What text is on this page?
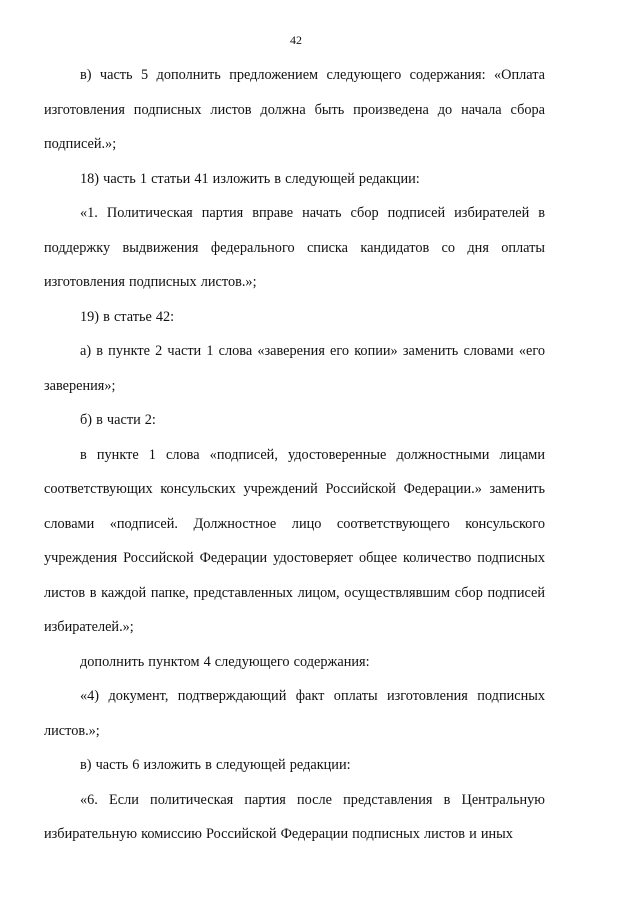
42

в) часть 5 дополнить предложением следующего содержания: «Оплата изготовления подписных листов должна быть произведена до начала сбора подписей.»;

18) часть 1 статьи 41 изложить в следующей редакции:

«1. Политическая партия вправе начать сбор подписей избирателей в поддержку выдвижения федерального списка кандидатов со дня оплаты изготовления подписных листов.»;

19) в статье 42:

а) в пункте 2 части 1 слова «заверения его копии» заменить словами «его заверения»;

б) в части 2:

в пункте 1 слова «подписей, удостоверенные должностными лицами соответствующих консульских учреждений Российской Федерации.» заменить словами «подписей. Должностное лицо соответствующего консульского учреждения Российской Федерации удостоверяет общее количество подписных листов в каждой папке, представленных лицом, осуществлявшим сбор подписей избирателей.»;

дополнить пунктом 4 следующего содержания:

«4) документ, подтверждающий факт оплаты изготовления подписных листов.»;

в) часть 6 изложить в следующей редакции:

«6. Если политическая партия после представления в Центральную избирательную комиссию Российской Федерации подписных листов и иных
